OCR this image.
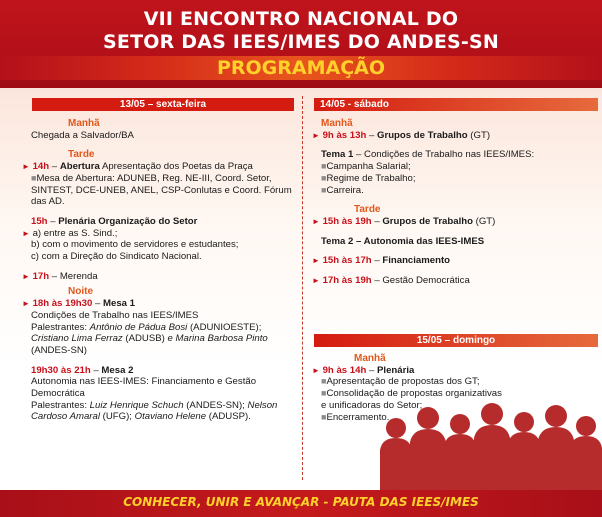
VII ENCONTRO NACIONAL DO
SETOR DAS IEES/IMES DO ANDES-SN
PROGRAMAÇÃO
13/05 – sexta-feira	14/05 - sábado
15/05 – domingo
Manhã
Chegada a Salvador/BA
Tarde
► 14h – Abertura Apresentação dos Poetas da Praça
■Mesa de Abertura: ADUNEB, Reg. NE-III, Coord. Setor, SINTEST, DCE-UNEB, ANEL, CSP-Conlutas e Coord. Fórum das AD.
15h – Plenária Organização do Setor
► a) entre as S. Sind.;
b) com o movimento de servidores e estudantes;
c) com a Direção do Sindicato Nacional.
► 17h – Merenda
Noite
► 18h às 19h30 – Mesa 1
Condições de Trabalho nas IEES/IMES
Palestrantes: Antônio de Pádua Bosi (ADUNIOESTE); Cristiano Lima Ferraz (ADUSB) e Marina Barbosa Pinto (ANDES-SN)
19h30 às 21h – Mesa 2
Autonomia nas IEES-IMES: Financiamento e Gestão Democrática
Palestrantes: Luiz Henrique Schuch (ANDES-SN); Nelson Cardoso Amaral (UFG); Otaviano Helene (ADUSP).
Manhã
► 9h às 13h – Grupos de Trabalho (GT)
Tema 1 – Condições de Trabalho nas IEES/IMES:
■Campanha Salarial;
■Regime de Trabalho;
■Carreira.
Tarde
► 15h às 19h – Grupos de Trabalho (GT)
Tema 2 – Autonomia das IEES-IMES
► 15h às 17h – Financiamento
► 17h às 19h – Gestão Democrática
Manhã
► 9h às 14h – Plenária
■Apresentação de propostas dos GT;
■Consolidação de propostas organizativas e unificadoras do Setor;
■Encerramento.
CONHECER, UNIR E AVANÇAR - PAUTA DAS IEES/IMES
